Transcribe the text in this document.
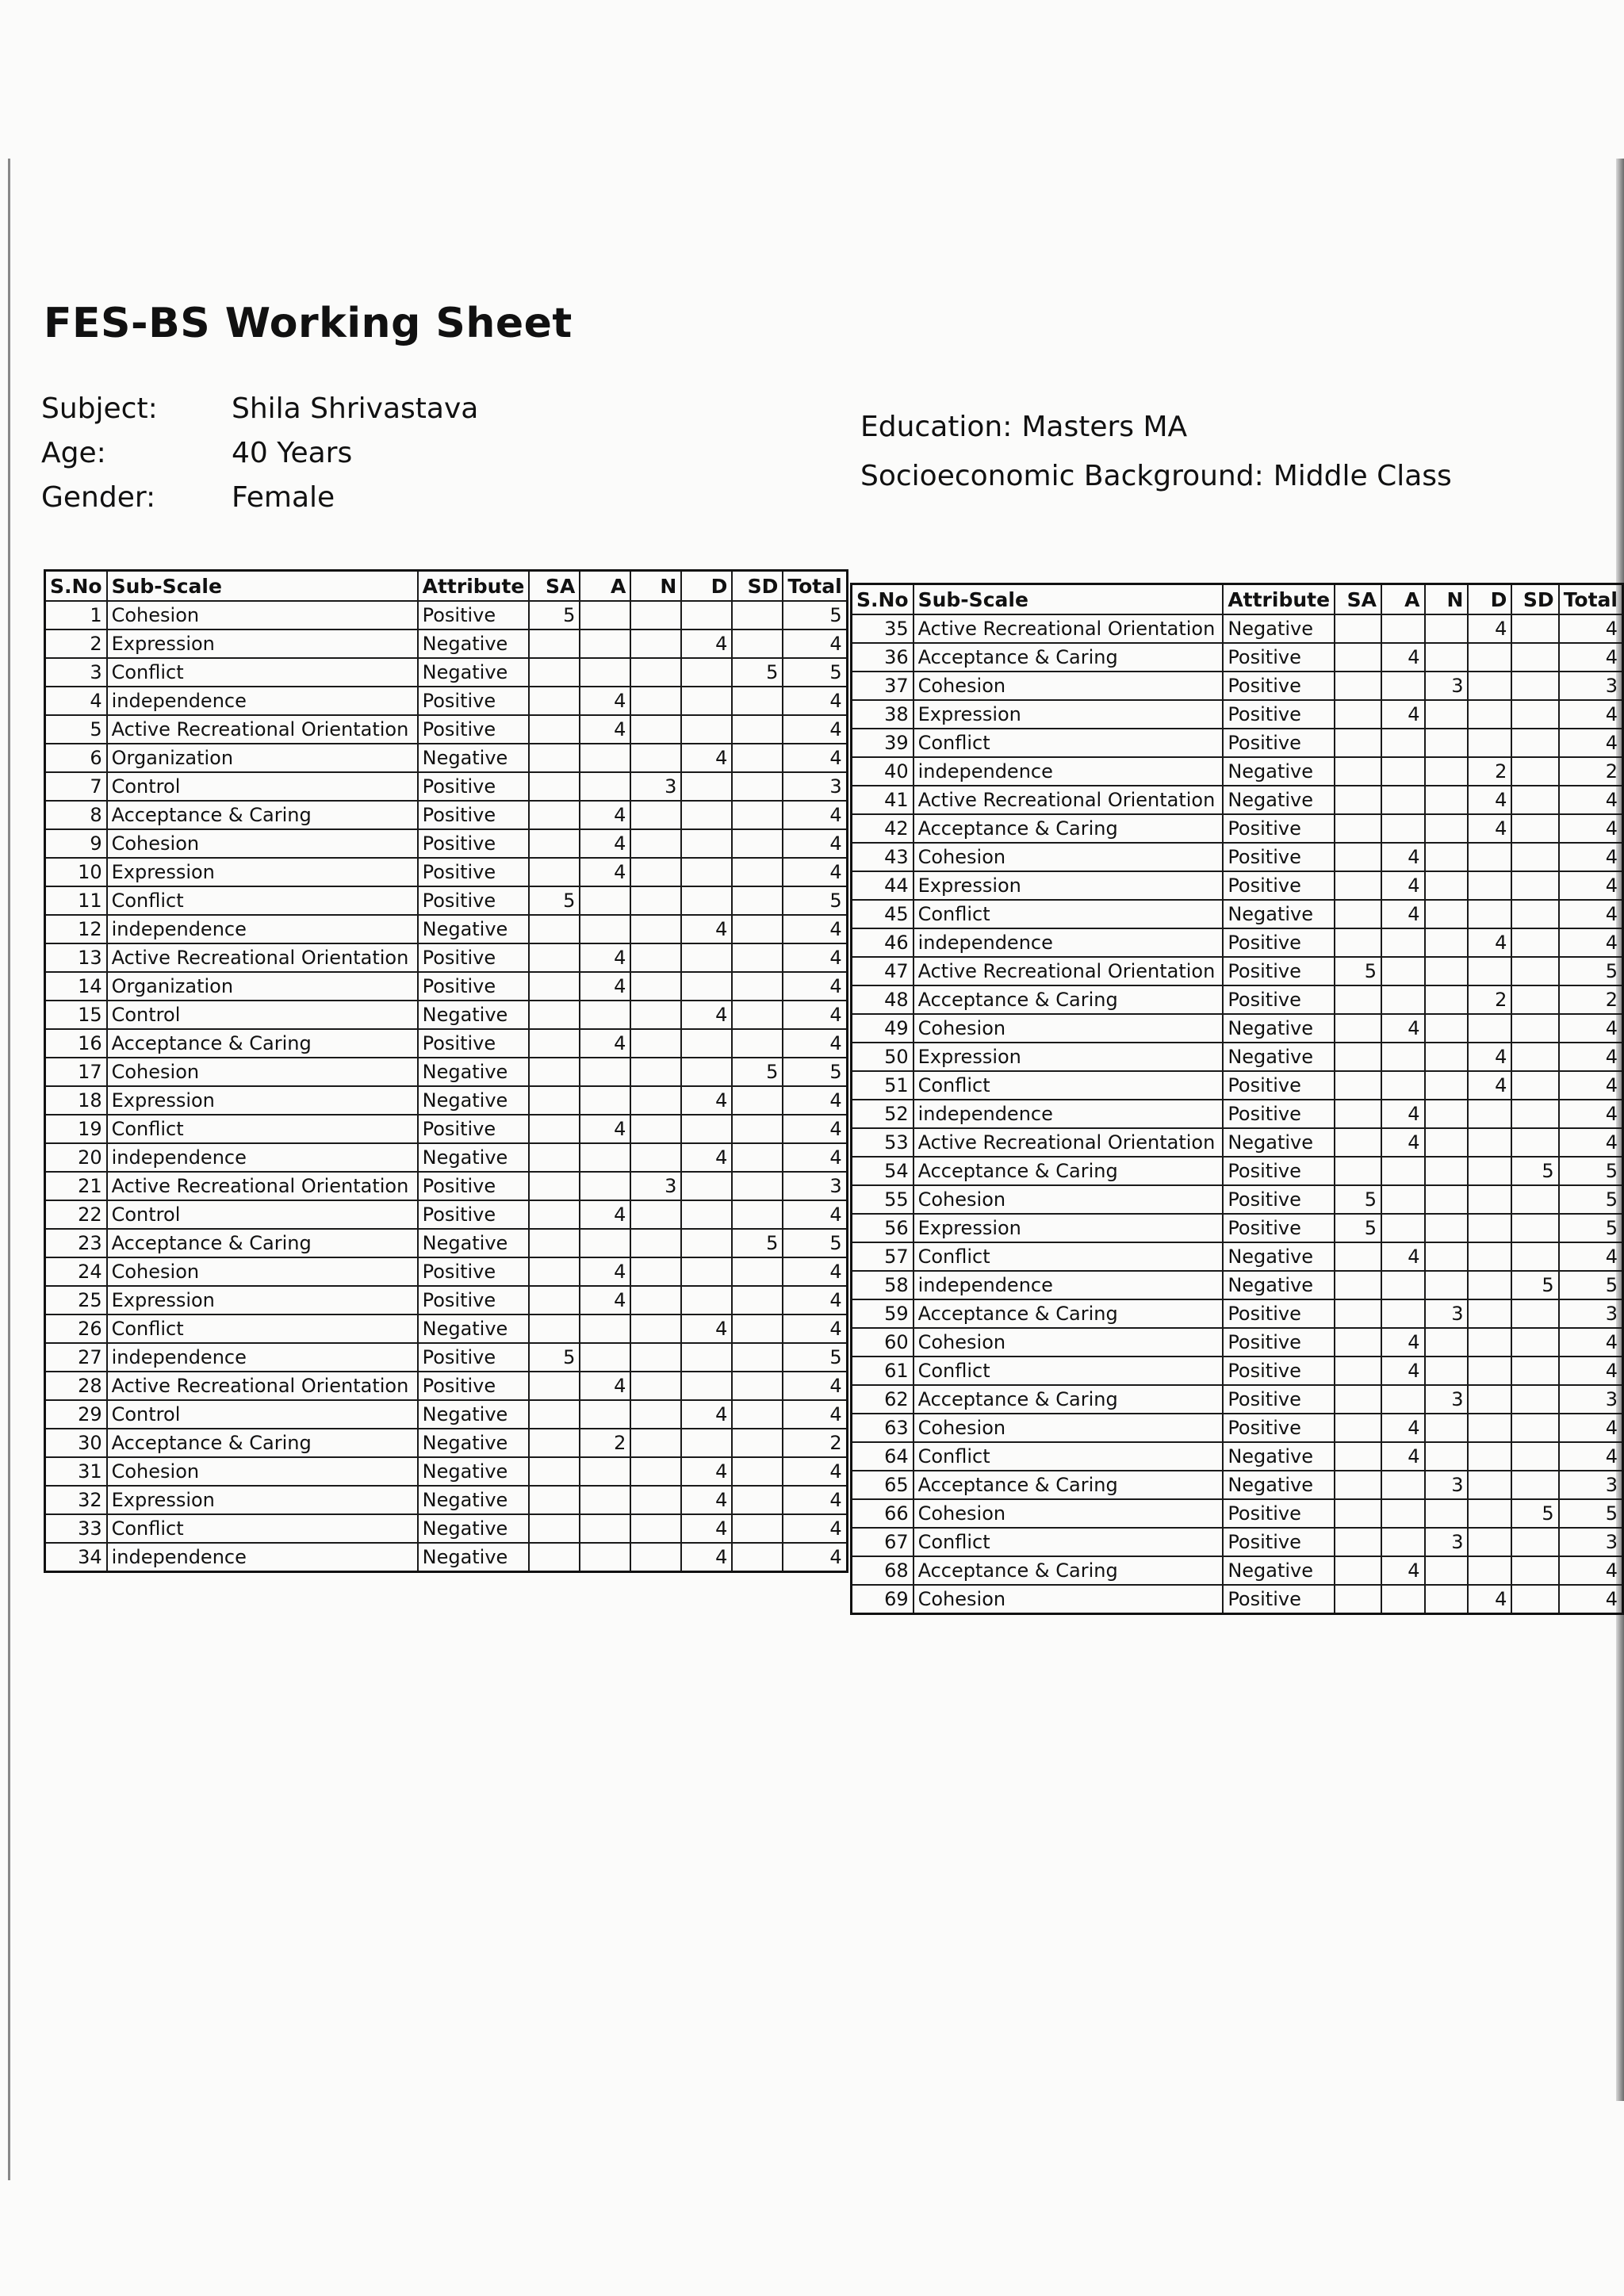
FES-BS Working Sheet
Subject:	Shila Shrivastava
Age:	40 Years
Gender:	Female
Education: Masters MA
Socioeconomic Background: Middle Class
S.No	Sub-Scale	Attribute	SA	A	N	D	SD	Total
1	Cohesion	Positive	5					5
2	Expression	Negative				4		4
3	Conflict	Negative					5	5
4	independence	Positive		4				4
5	Active Recreational Orientation	Positive		4				4
6	Organization	Negative				4		4
7	Control	Positive			3			3
8	Acceptance & Caring	Positive		4				4
9	Cohesion	Positive		4				4
10	Expression	Positive		4				4
11	Conflict	Positive	5					5
12	independence	Negative				4		4
13	Active Recreational Orientation	Positive		4				4
14	Organization	Positive		4				4
15	Control	Negative				4		4
16	Acceptance & Caring	Positive		4				4
17	Cohesion	Negative					5	5
18	Expression	Negative				4		4
19	Conflict	Positive		4				4
20	independence	Negative				4		4
21	Active Recreational Orientation	Positive			3			3
22	Control	Positive		4				4
23	Acceptance & Caring	Negative					5	5
24	Cohesion	Positive		4				4
25	Expression	Positive		4				4
26	Conflict	Negative				4		4
27	independence	Positive	5					5
28	Active Recreational Orientation	Positive		4				4
29	Control	Negative				4		4
30	Acceptance & Caring	Negative		2				2
31	Cohesion	Negative				4		4
32	Expression	Negative				4		4
33	Conflict	Negative				4		4
34	independence	Negative				4		4
S.No	Sub-Scale	Attribute	SA	A	N	D	SD	Total
35	Active Recreational Orientation	Negative				4		4
36	Acceptance & Caring	Positive		4				4
37	Cohesion	Positive			3			3
38	Expression	Positive		4				4
39	Conflict	Positive						4
40	independence	Negative				2		2
41	Active Recreational Orientation	Negative				4		4
42	Acceptance & Caring	Positive				4		4
43	Cohesion	Positive		4				4
44	Expression	Positive		4				4
45	Conflict	Negative		4				4
46	independence	Positive				4		4
47	Active Recreational Orientation	Positive	5					5
48	Acceptance & Caring	Positive				2		2
49	Cohesion	Negative		4				4
50	Expression	Negative				4		4
51	Conflict	Positive				4		4
52	independence	Positive		4				4
53	Active Recreational Orientation	Negative		4				4
54	Acceptance & Caring	Positive					5	5
55	Cohesion	Positive	5					5
56	Expression	Positive	5					5
57	Conflict	Negative		4				4
58	independence	Negative					5	5
59	Acceptance & Caring	Positive			3			3
60	Cohesion	Positive		4				4
61	Conflict	Positive		4				4
62	Acceptance & Caring	Positive			3			3
63	Cohesion	Positive		4				4
64	Conflict	Negative		4				4
65	Acceptance & Caring	Negative			3			3
66	Cohesion	Positive					5	5
67	Conflict	Positive			3			3
68	Acceptance & Caring	Negative		4				4
69	Cohesion	Positive				4		4
